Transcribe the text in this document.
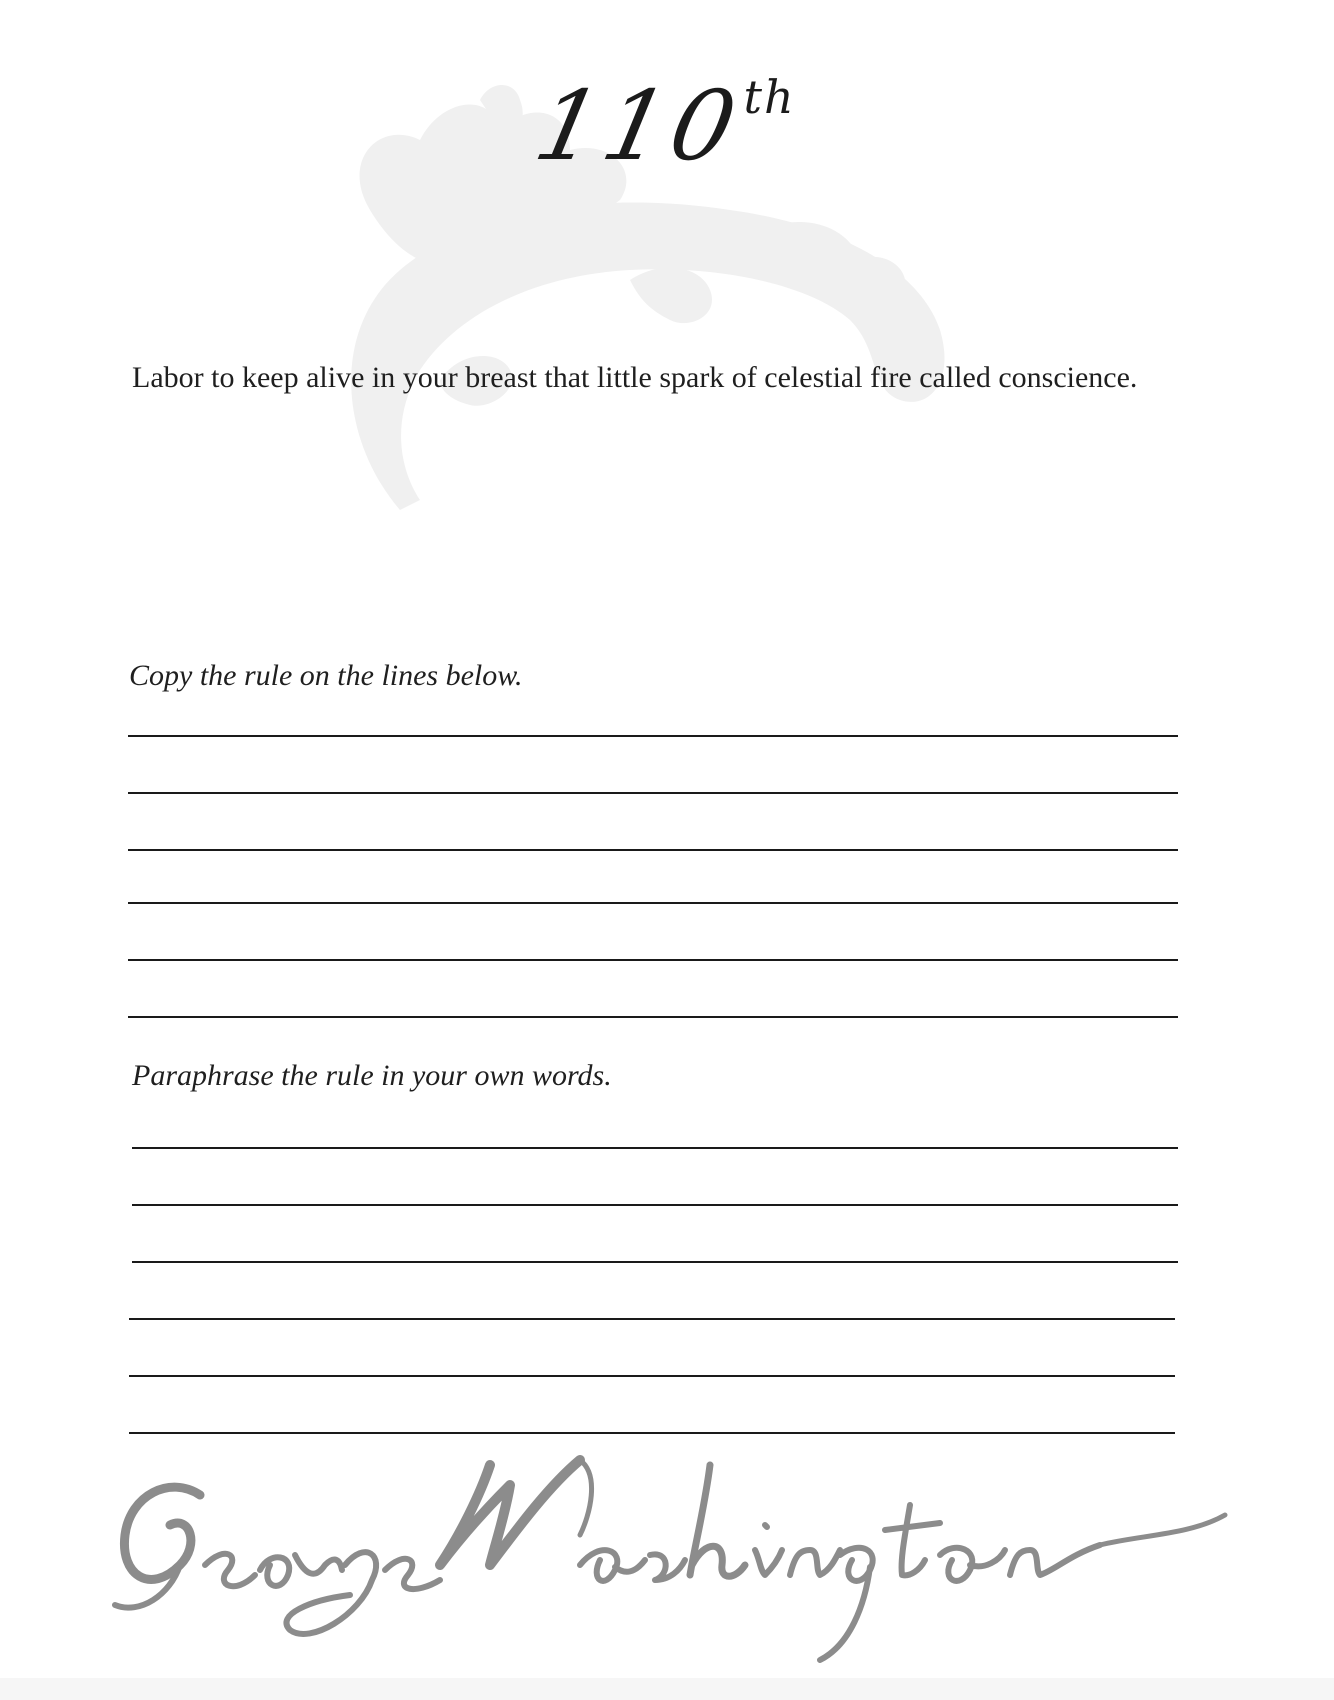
110th
Labor to keep alive in your breast that little spark of celestial fire called conscience.
Copy the rule on the lines below.
Paraphrase the rule in your own words.
